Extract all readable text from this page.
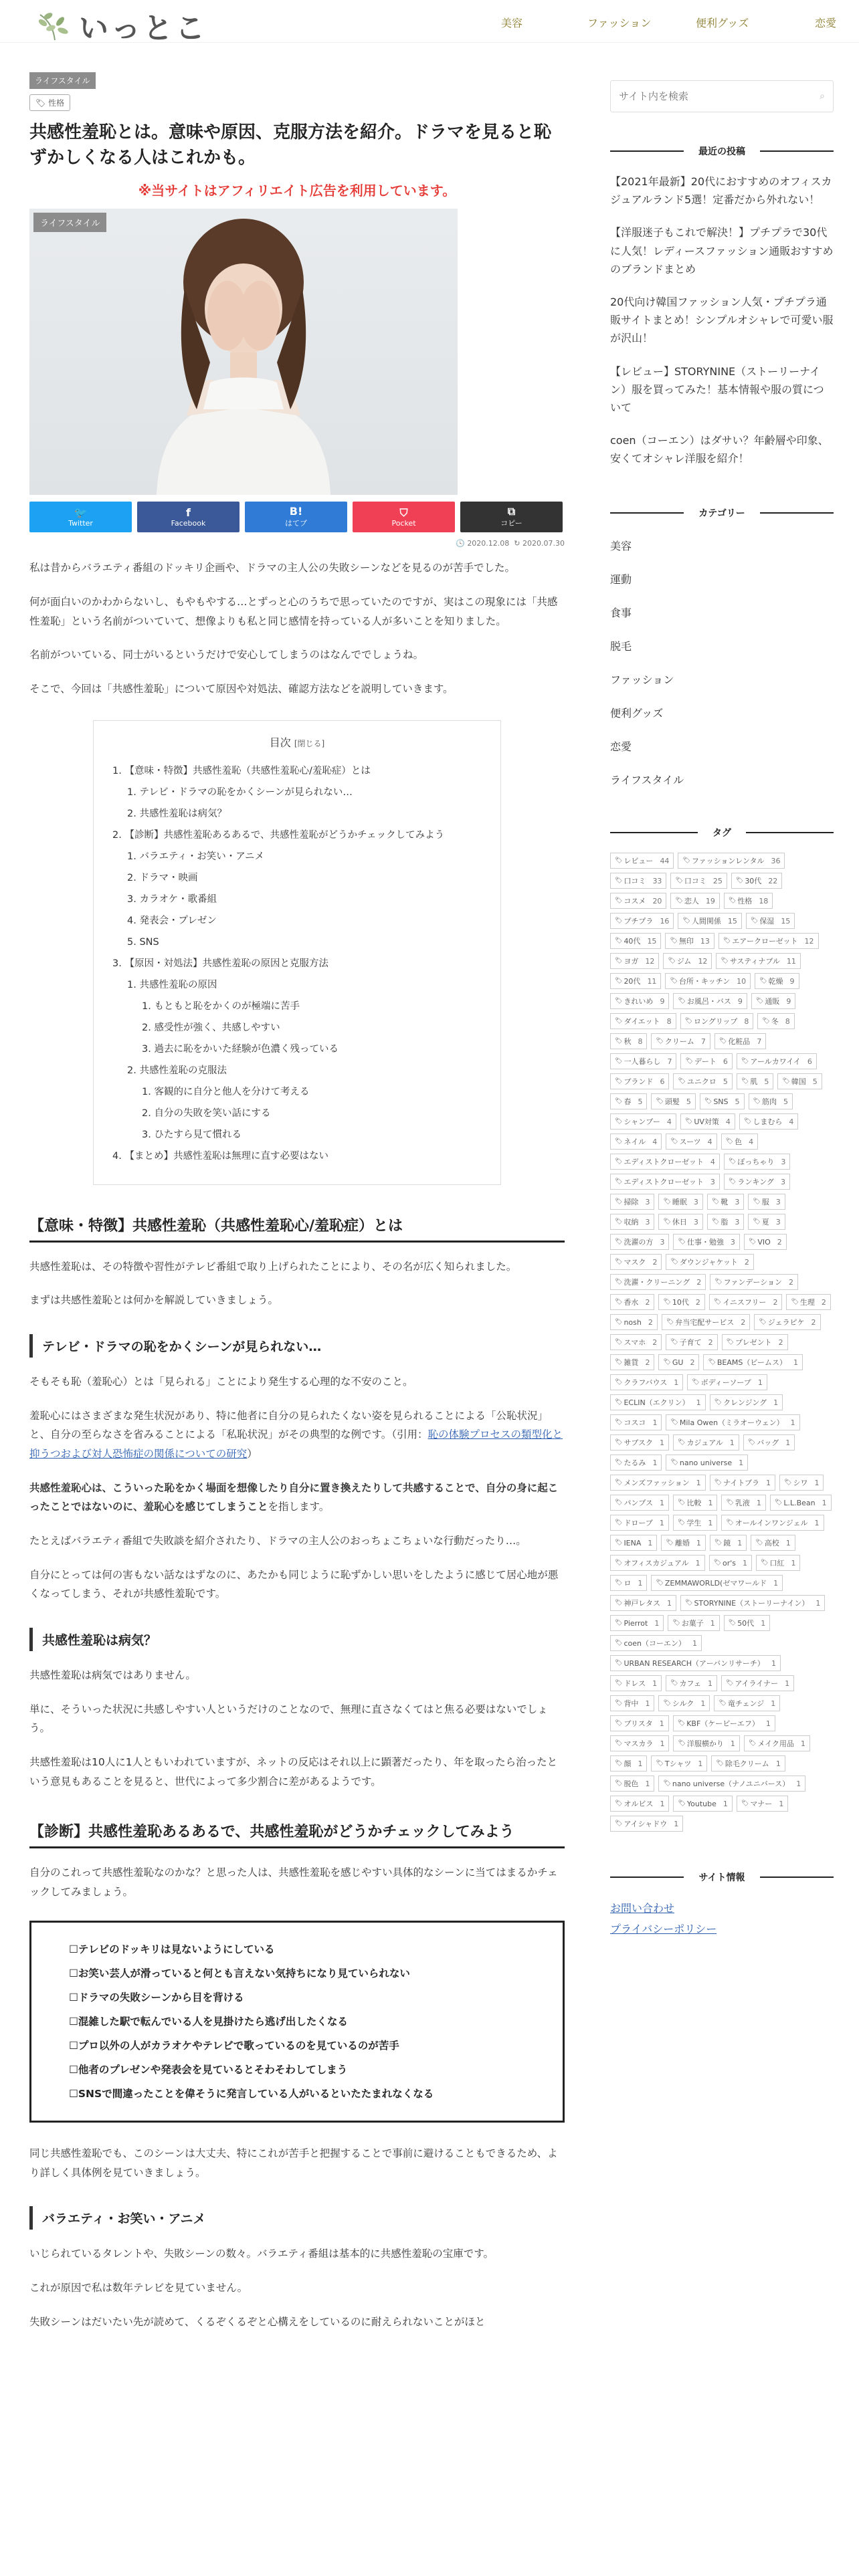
いっとこ	美容	ファッション	便利グッズ	恋愛
ライフスタイル
🏷 性格
共感性羞恥とは。意味や原因、克服方法を紹介。ドラマを見ると恥ずかしくなる人はこれかも。
※当サイトはアフィリエイト広告を利用しています。
ライフスタイル
🐦
Twitter
f
Facebook
B!
はてブ
⛉
Pocket
⧉
コピー
🕓 2020.12.08 ↻ 2020.07.30

私は昔からバラエティ番組のドッキリ企画や、ドラマの主人公の失敗シーンなどを見るのが苦手でした。

何が面白いのかわからないし、もやもやする…とずっと心のうちで思っていたのですが、実はこの現象には「共感性羞恥」という名前がついていて、想像よりも私と同じ感情を持っている人が多いことを知りました。

名前がついている、同士がいるというだけで安心してしまうのはなんででしょうね。

そこで、今回は「共感性羞恥」について原因や対処法、確認方法などを説明していきます。

目次 [閉じる]
1. 【意味・特徴】共感性羞恥（共感性羞恥心/羞恥症）とは
1. テレビ・ドラマの恥をかくシーンが見られない…
2. 共感性羞恥は病気？
2. 【診断】共感性羞恥あるあるで、共感性羞恥がどうかチェックしてみよう
1. バラエティ・お笑い・アニメ
2. ドラマ・映画
3. カラオケ・歌番組
4. 発表会・プレゼン
5. SNS
3. 【原因・対処法】共感性羞恥の原因と克服方法
1. 共感性羞恥の原因
1. もともと恥をかくのが極端に苦手
2. 感受性が強く、共感しやすい
3. 過去に恥をかいた経験が色濃く残っている
2. 共感性羞恥の克服法
1. 客観的に自分と他人を分けて考える
2. 自分の失敗を笑い話にする
3. ひたすら見て慣れる
4. 【まとめ】共感性羞恥は無理に直す必要はない
【意味・特徴】共感性羞恥（共感性羞恥心/羞恥症）とは

共感性羞恥は、その特徴や習性がテレビ番組で取り上げられたことにより、その名が広く知られました。

まずは共感性羞恥とは何かを解説していきましょう。

テレビ・ドラマの恥をかくシーンが見られない…

そもそも恥（羞恥心）とは「見られる」ことにより発生する心理的な不安のこと。

羞恥心にはさまざまな発生状況があり、特に他者に自分の見られたくない姿を見られることによる「公恥状況」と、自分の至らなさを省みることによる「私恥状況」がその典型的な例です。（引用：恥の体験プロセスの類型化と抑うつおよび対人恐怖症の関係についての研究）

共感性羞恥心は、こういった恥をかく場面を想像したり自分に置き換えたりして共感することで、自分の身に起こったことではないのに、羞恥心を感じてしまうことを指します。

たとえばバラエティ番組で失敗談を紹介されたり、ドラマの主人公のおっちょこちょいな行動だったり…。

自分にとっては何の害もない話なはずなのに、あたかも同じように恥ずかしい思いをしたように感じて居心地が悪くなってしまう、それが共感性羞恥です。

共感性羞恥は病気？

共感性羞恥は病気ではありません。

単に、そういった状況に共感しやすい人というだけのことなので、無理に直さなくてはと焦る必要はないでしょう。

共感性羞恥は10人に1人ともいわれていますが、ネットの反応はそれ以上に顕著だったり、年を取ったら治ったという意見もあることを見ると、世代によって多少割合に差があるようです。

【診断】共感性羞恥あるあるで、共感性羞恥がどうかチェックしてみよう

自分のこれって共感性羞恥なのかな？と思った人は、共感性羞恥を感じやすい具体的なシーンに当てはまるかチェックしてみましょう。

☐テレビのドッキリは見ないようにしている
☐お笑い芸人が滑っていると何とも言えない気持ちになり見ていられない
☐ドラマの失敗シーンから目を背ける
☐混雑した駅で転んでいる人を見掛けたら逃げ出したくなる
☐プロ以外の人がカラオケやテレビで歌っているのを見ているのが苦手
☐他者のプレゼンや発表会を見ているとそわそわしてしまう
☐SNSで間違ったことを偉そうに発言している人がいるといたたまれなくなる

同じ共感性羞恥でも、このシーンは大丈夫、特にこれが苦手と把握することで事前に避けることもできるため、より詳しく具体例を見ていきましょう。

バラエティ・お笑い・アニメ

いじられているタレントや、失敗シーンの数々。バラエティ番組は基本的に共感性羞恥の宝庫です。

これが原因で私は数年テレビを見ていません。

失敗シーンはだいたい先が読めて、くるぞくるぞと心構えをしているのに耐えられないことがほと

サイト内を検索
⌕
最近の投稿
【2021年最新】20代におすすめのオフィスカジュアルランド5選！定番だから外れない！
【洋服迷子もこれで解決！】プチプラで30代に人気！レディースファッション通販おすすめのブランドまとめ
20代向け韓国ファッション人気・プチプラ通販サイトまとめ！シンプルオシャレで可愛い服が沢山！
【レビュー】STORYNINE（ストーリーナイン）服を買ってみた！基本情報や服の質について
coen（コーエン）はダサい？年齢層や印象、安くてオシャレ洋服を紹介！
カテゴリー
美容
運動
食事
脱毛
ファッション
便利グッズ
恋愛
ライフスタイル
タグ
🏷 レビュー 44 🏷 ファッションレンタル 36
🏷 口コミ 33 🏷 口コミ 25 🏷 30代 22
🏷 コスメ 20 🏷 恋人 19 🏷 性格 18
🏷 プチプラ 16 🏷 人間関係 15 🏷 保湿 15
🏷 40代 15 🏷 無印 13 🏷 エアークローゼット 12
🏷 ヨガ 12 🏷 ジム 12 🏷 サスティナブル 11
🏷 20代 11 🏷 台所・キッチン 10 🏷 乾燥 9
🏷 きれいめ 9 🏷 お風呂・バス 9 🏷 通販 9
🏷 ダイエット 8 🏷 ロングリップ 8 🏷 冬 8
🏷 秋 8 🏷 クリーム 7 🏷 化粧品 7
🏷 一人暮らし 7 🏷 デート 6 🏷 アールカワイイ 6
🏷 ブランド 6 🏷 ユニクロ 5 🏷 肌 5 🏷 韓国 5
🏷 春 5 🏷 頭髪 5 🏷 SNS 5 🏷 筋肉 5
🏷 シャンプー 4 🏷 UV対策 4 🏷 しまむら 4
🏷 ネイル 4 🏷 スーツ 4 🏷 色 4
🏷 エディストクローゼット 4 🏷 ぽっちゃり 3
🏷 エディストクローゼット 3 🏷 ランキング 3
🏷 掃除 3 🏷 睡眠 3 🏷 靴 3 🏷 服 3
🏷 収納 3 🏷 休日 3 🏷 脂 3 🏷 夏 3
🏷 洗濯の方 3 🏷 仕事・勉強 3 🏷 VIO 2
🏷 マスク 2 🏷 ダウンジャケット 2
🏷 洗濯・クリーニング 2 🏷 ファンデーション 2
🏷 香水 2 🏷 10代 2 🏷 イニスフリー 2 🏷 生理 2
🏷 nosh 2 🏷 弁当宅配サービス 2 🏷 ジェラピケ 2
🏷 スマホ 2 🏷 子育て 2 🏷 プレゼント 2
🏷 雑貨 2 🏷 GU 2 🏷 BEAMS（ビームス） 1
🏷 クラフバウス 1 🏷 ボディーソープ 1
🏷 ECLIN（エクリン） 1 🏷 クレンジング 1
🏷 コスコ 1 🏷 Mila Owen（ミラオーウェン） 1
🏷 サブスク 1 🏷 カジュアル 1 🏷 バッグ 1
🏷 たるみ 1 🏷 nano universe 1
🏷 メンズファッション 1 🏷 ナイトブラ 1 🏷 シワ 1
🏷 パンプス 1 🏷 比較 1 🏷 乳液 1 🏷 L.L.Bean 1
🏷 ドローブ 1 🏷 学生 1 🏷 オールインワンジェル 1
🏷 IENA 1 🏷 離婚 1 🏷 鏡 1 🏷 高校 1
🏷 オフィスカジュアル 1 🏷 or's 1 🏷 口紅 1
🏷 ロ 1 🏷 ZEMMAWORLD(ゼマワールド 1
🏷 神戸レタス 1 🏷 STORYNINE（ストーリーナイン） 1
🏷 Pierrot 1 🏷 お菓子 1 🏷 50代 1
🏷 coen（コーエン） 1
🏷 URBAN RESEARCH（アーバンリサーチ） 1
🏷 ドレス 1 🏷 カフェ 1 🏷 アイライナー 1
🏷 背中 1 🏷 シルク 1 🏷 竜チェンジ 1
🏷 ブリスタ 1 🏷 KBF（ケービーエフ） 1
🏷 マスカラ 1 🏷 洋服横かり 1 🏷 メイク用品 1
🏷 顔 1 🏷 Tシャツ 1 🏷 除毛クリーム 1
🏷 脱色 1 🏷 nano universe（ナノユニバース） 1
🏷 オルビス 1 🏷 Youtube 1 🏷 マナー 1
🏷 アイシャドウ 1
サイト情報
お問い合わせ
プライバシーポリシー
